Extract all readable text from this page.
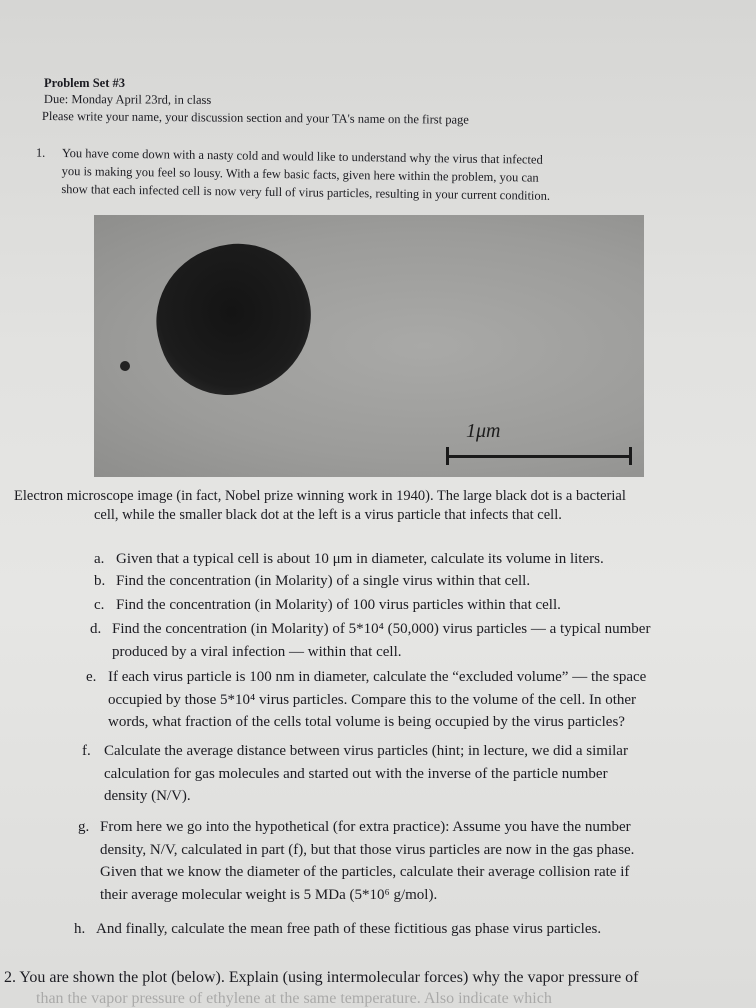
Problem Set #3
Due: Monday April 23rd, in class
Please write your name, your discussion section and your TA's name on the first page
1. You have come down with a nasty cold and would like to understand why the virus that infected
you is making you feel so lousy. With a few basic facts, given here within the problem, you can
show that each infected cell is now very full of virus particles, resulting in your current condition.
1μm
Electron microscope image (in fact, Nobel prize winning work in 1940). The large black dot is a bacterial
cell, while the smaller black dot at the left is a virus particle that infects that cell.
a. Given that a typical cell is about 10 μm in diameter, calculate its volume in liters.
b. Find the concentration (in Molarity) of a single virus within that cell.
c. Find the concentration (in Molarity) of 100 virus particles within that cell.
d. Find the concentration (in Molarity) of 5*10⁴ (50,000) virus particles — a typical number
produced by a viral infection — within that cell.
e. If each virus particle is 100 nm in diameter, calculate the “excluded volume” — the space
occupied by those 5*10⁴ virus particles. Compare this to the volume of the cell. In other
words, what fraction of the cells total volume is being occupied by the virus particles?
f. Calculate the average distance between virus particles (hint; in lecture, we did a similar
calculation for gas molecules and started out with the inverse of the particle number
density (N/V).
g. From here we go into the hypothetical (for extra practice): Assume you have the number
density, N/V, calculated in part (f), but that those virus particles are now in the gas phase.
Given that we know the diameter of the particles, calculate their average collision rate if
their average molecular weight is 5 MDa (5*10⁶ g/mol).
h. And finally, calculate the mean free path of these fictitious gas phase virus particles.
2. You are shown the plot (below). Explain (using intermolecular forces) why the vapor pressure of
than the vapor pressure of ethylene at the same temperature. Also indicate which
